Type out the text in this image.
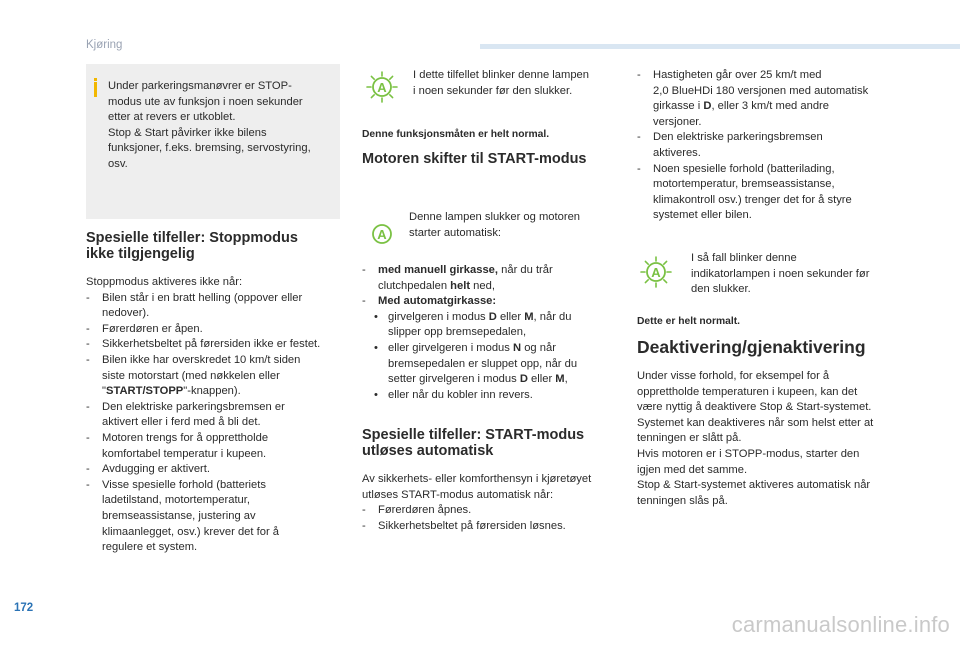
Kjøring

Under parkeringsmanøvrer er STOP-

modus ute av funksjon i noen sekunder

etter at revers er utkoblet.

Stop & Start påvirker ikke bilens

funksjoner, f.eks. bremsing, servostyring,

osv.

Spesielle tilfeller: Stoppmodus
ikke tilgjengelig

Stoppmodus aktiveres ikke når:

- Bilen står i en bratt helling (oppover eller

nedover).

- Førerdøren er åpen.

- Sikkerhetsbeltet på førersiden ikke er festet.

- Bilen ikke har overskredet 10 km/t siden

siste motorstart (med nøkkelen eller

"START/STOPP"-knappen).

- Den elektriske parkeringsbremsen er

aktivert eller i ferd med å bli det.

- Motoren trengs for å opprettholde

komfortabel temperatur i kupeen.

- Avdugging er aktivert.

- Visse spesielle forhold (batteriets

ladetilstand, motortemperatur,

bremseassistanse, justering av

klimaanlegget, osv.) krever det for å

regulere et system.

A

I dette tilfellet blinker denne lampen

i noen sekunder før den slukker.

Denne funksjonsmåten er helt normal.
Motoren skifter til START-modus
A

Denne lampen slukker og motoren

starter automatisk:

- med manuell girkasse, når du trår

clutchpedalen helt ned,

- Med automatgirkasse:

• girvelgeren i modus D eller M, når du

slipper opp bremsepedalen,

• eller girvelgeren i modus N og når

bremsepedalen er sluppet opp, når du

setter girvelgeren i modus D eller M,

• eller når du kobler inn revers.

Spesielle tilfeller: START-modus
utløses automatisk

Av sikkerhets- eller komforthensyn i kjøretøyet

utløses START-modus automatisk når:

- Førerdøren åpnes.

- Sikkerhetsbeltet på førersiden løsnes.

- Hastigheten går over 25 km/t med

2,0 BlueHDi 180 versjonen med automatisk

girkasse i D, eller 3 km/t med andre

versjoner.

- Den elektriske parkeringsbremsen

aktiveres.

- Noen spesielle forhold (batterilading,

motortemperatur, bremseassistanse,

klimakontroll osv.) trenger det for å styre

systemet eller bilen.

A

I så fall blinker denne

indikatorlampen i noen sekunder før

den slukker.

Dette er helt normalt.
Deaktivering/gjenaktivering

Under visse forhold, for eksempel for å

opprettholde temperaturen i kupeen, kan det

være nyttig å deaktivere Stop & Start-systemet.

Systemet kan deaktiveres når som helst etter at

tenningen er slått på.

Hvis motoren er i STOPP-modus, starter den

igjen med det samme.

Stop & Start-systemet aktiveres automatisk når

tenningen slås på.

172
carmanualsonline.info
